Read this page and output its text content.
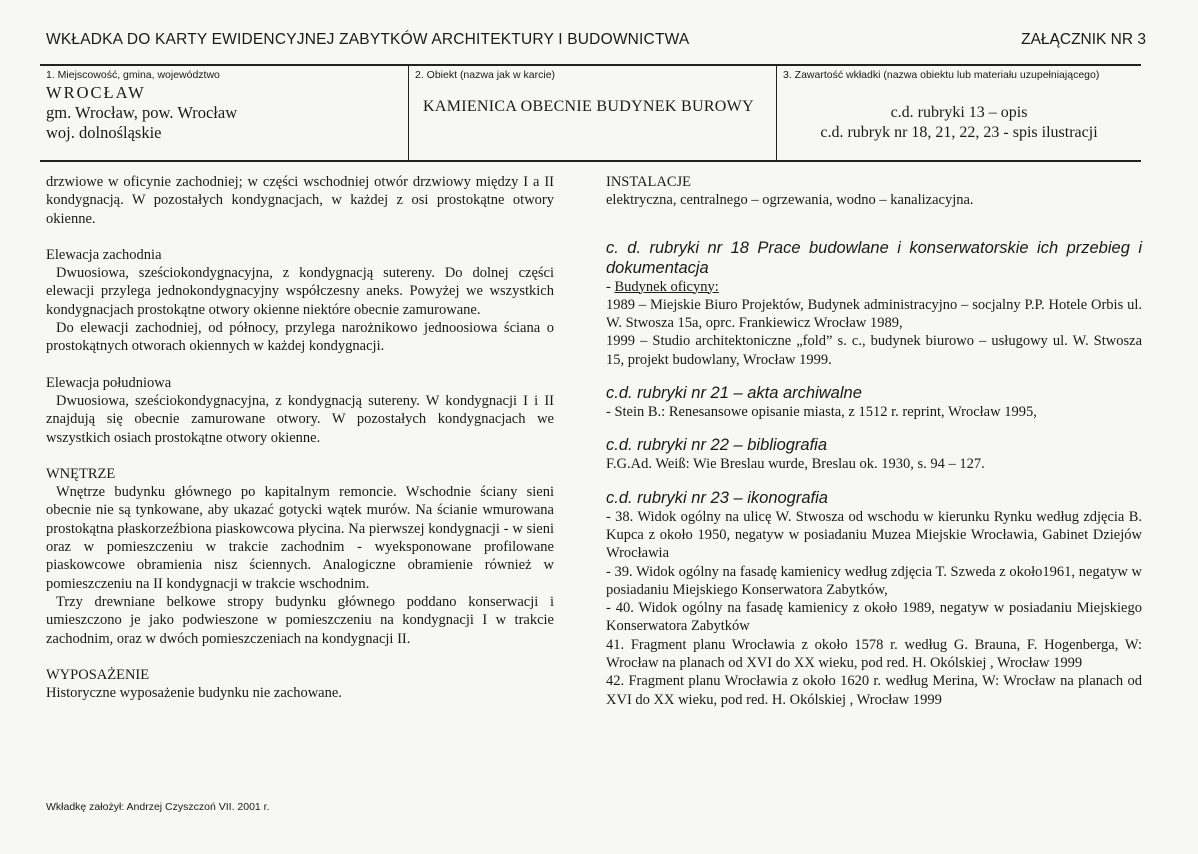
WKŁADKA DO KARTY EWIDENCYJNEJ ZABYTKÓW ARCHITEKTURY I BUDOWNICTWA	ZAŁĄCZNIK NR 3
1. Miejscowość, gmina, województwo
WROCŁAW
gm. Wrocław, pow. Wrocław
woj. dolnośląskie
2. Obiekt (nazwa jak w karcie)
KAMIENICA OBECNIE BUDYNEK BUROWY
3. Zawartość wkładki (nazwa obiektu lub materiału uzupełniającego)
c.d. rubryki 13 – opis
c.d. rubryk nr 18, 21, 22, 23 - spis ilustracji

drzwiowe w oficynie zachodniej; w części wschodniej otwór drzwiowy między I a II kondygnacją. W pozostałych kondygnacjach, w każdej z osi prostokątne otwory okienne.

Elewacja zachodnia

Dwuosiowa, sześciokondygnacyjna, z kondygnacją sutereny. Do dolnej części elewacji przylega jednokondygnacyjny współczesny aneks. Powyżej we wszystkich kondygnacjach prostokątne otwory okienne niektóre obecnie zamurowane.

Do elewacji zachodniej, od północy, przylega narożnikowo jednoosiowa ściana o prostokątnych otworach okiennych w każdej kondygnacji.

Elewacja południowa

Dwuosiowa, sześciokondygnacyjna, z kondygnacją sutereny. W kondygnacji I i II znajdują się obecnie zamurowane otwory. W pozostałych kondygnacjach we wszystkich osiach prostokątne otwory okienne.

WNĘTRZE

Wnętrze budynku głównego po kapitalnym remoncie. Wschodnie ściany sieni obecnie nie są tynkowane, aby ukazać gotycki wątek murów. Na ścianie wmurowana prostokątna płaskorzeźbiona piaskowcowa płycina. Na pierwszej kondygnacji - w sieni oraz w pomieszczeniu w trakcie zachodnim - wyeksponowane profilowane piaskowcowe obramienia nisz ściennych. Analogiczne obramienie również w pomieszczeniu na II kondygnacji w trakcie wschodnim.

Trzy drewniane belkowe stropy budynku głównego poddano konserwacji i umieszczono je jako podwieszone w pomieszczeniu na kondygnacji I w trakcie zachodnim, oraz w dwóch pomieszczeniach na kondygnacji II.

WYPOSAŻENIE

Historyczne wyposażenie budynku nie zachowane.

INSTALACJE

elektryczna, centralnego – ogrzewania, wodno – kanalizacyjna.

c. d. rubryki nr 18 Prace budowlane i konserwatorskie ich przebieg i dokumentacja

- Budynek oficyny:

1989 – Miejskie Biuro Projektów, Budynek administracyjno – socjalny P.P. Hotele Orbis ul. W. Stwosza 15a, oprc. Frankiewicz Wrocław 1989,

1999 – Studio architektoniczne „fold” s. c., budynek biurowo – usługowy ul. W. Stwosza 15, projekt budowlany, Wrocław 1999.

c.d. rubryki nr 21 – akta archiwalne

- Stein B.: Renesansowe opisanie miasta, z 1512 r. reprint, Wrocław 1995,

c.d. rubryki nr 22 – bibliografia

F.G.Ad. Weiß: Wie Breslau wurde, Breslau ok. 1930, s. 94 – 127.

c.d. rubryki nr 23 – ikonografia

- 38. Widok ogólny na ulicę W. Stwosza od wschodu w kierunku Rynku według zdjęcia B. Kupca z około 1950, negatyw w posiadaniu Muzea Miejskie Wrocławia, Gabinet Dziejów Wrocławia

- 39. Widok ogólny na fasadę kamienicy według zdjęcia T. Szweda z około1961, negatyw w posiadaniu Miejskiego Konserwatora Zabytków,

- 40. Widok ogólny na fasadę kamienicy z około 1989, negatyw w posiadaniu Miejskiego Konserwatora Zabytków

41. Fragment planu Wrocławia z około 1578 r. według G. Brauna, F. Hogenberga, W: Wrocław na planach od XVI do XX wieku, pod red. H. Okólskiej , Wrocław 1999

42. Fragment planu Wrocławia z około 1620 r. według Merina, W: Wrocław na planach od XVI do XX wieku, pod red. H. Okólskiej , Wrocław 1999

Wkładkę założył: Andrzej Czyszczoń VII. 2001 r.
